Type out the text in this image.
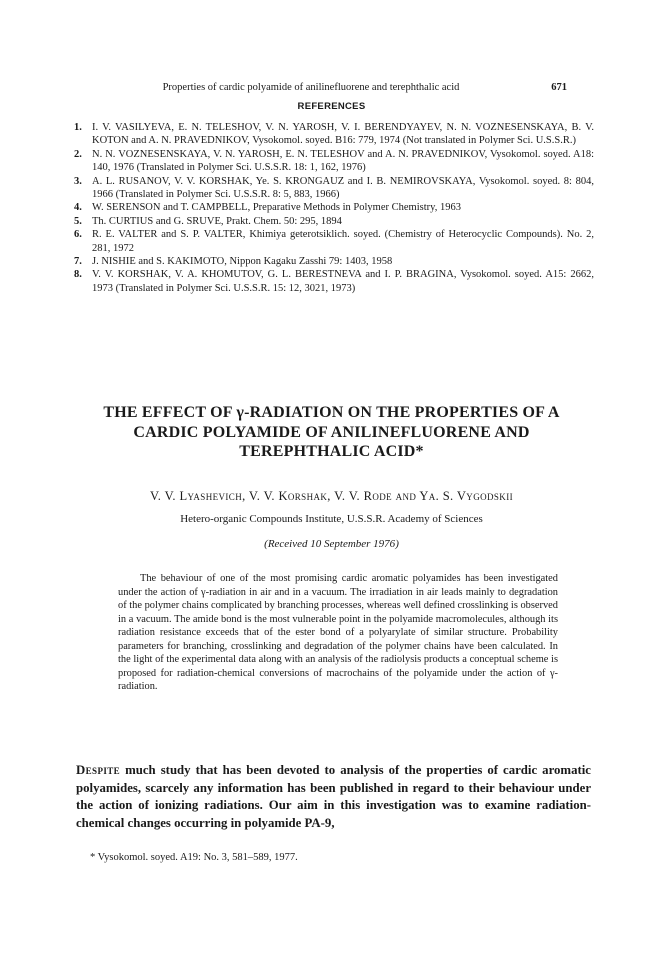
Properties of cardic polyamide of anilinefluorene and terephthalic acid	671
REFERENCES
1. I. V. VASILYEVA, E. N. TELESHOV, V. N. YAROSH, V. I. BERENDYAYEV, N. N. VOZNESENSKAYA, B. V. KOTON and A. N. PRAVEDNIKOV, Vysokomol. soyed. B16: 779, 1974 (Not translated in Polymer Sci. U.S.S.R.)
2. N. N. VOZNESENSKAYA, V. N. YAROSH, E. N. TELESHOV and A. N. PRAVEDNIKOV, Vysokomol. soyed. A18: 140, 1976 (Translated in Polymer Sci. U.S.S.R. 18: 1, 162, 1976)
3. A. L. RUSANOV, V. V. KORSHAK, Ye. S. KRONGAUZ and I. B. NEMIROVSKAYA, Vysokomol. soyed. 8: 804, 1966 (Translated in Polymer Sci. U.S.S.R. 8: 5, 883, 1966)
4. W. SERENSON and T. CAMPBELL, Preparative Methods in Polymer Chemistry, 1963
5. Th. CURTIUS and G. SRUVE, Prakt. Chem. 50: 295, 1894
6. R. E. VALTER and S. P. VALTER, Khimiya geterotsiklich. soyed. (Chemistry of Heterocyclic Compounds). No. 2, 281, 1972
7. J. NISHIE and S. KAKIMOTO, Nippon Kagaku Zasshi 79: 1403, 1958
8. V. V. KORSHAK, V. A. KHOMUTOV, G. L. BERESTNEVA and I. P. BRAGINA, Vysokomol. soyed. A15: 2662, 1973 (Translated in Polymer Sci. U.S.S.R. 15: 12, 3021, 1973)
THE EFFECT OF γ-RADIATION ON THE PROPERTIES OF A CARDIC POLYAMIDE OF ANILINEFLUORENE AND TEREPHTHALIC ACID*
V. V. Lyashevich, V. V. Korshak, V. V. Rode and Ya. S. Vygodskii
Hetero-organic Compounds Institute, U.S.S.R. Academy of Sciences
(Received 10 September 1976)

The behaviour of one of the most promising cardic aromatic polyamides has been investigated under the action of γ-radiation in air and in a vacuum. The irradiation in air leads mainly to degradation of the polymer chains complicated by branching processes, whereas well defined crosslinking is observed in a vacuum. The amide bond is the most vulnerable point in the polyamide macromolecules, although its radiation resistance exceeds that of the ester bond of a polyarylate of similar structure. Probability parameters for branching, crosslinking and degradation of the polymer chains have been calculated. In the light of the experimental data along with an analysis of the radiolysis products a conceptual scheme is proposed for radiation-chemical conversions of macrochains of the polyamide under the action of γ-radiation.

Despite much study that has been devoted to analysis of the properties of cardic aromatic polyamides, scarcely any information has been published in regard to their behaviour under the action of ionizing radiations. Our aim in this investigation was to examine radiation-chemical changes occurring in polyamide PA-9,

* Vysokomol. soyed. A19: No. 3, 581–589, 1977.
